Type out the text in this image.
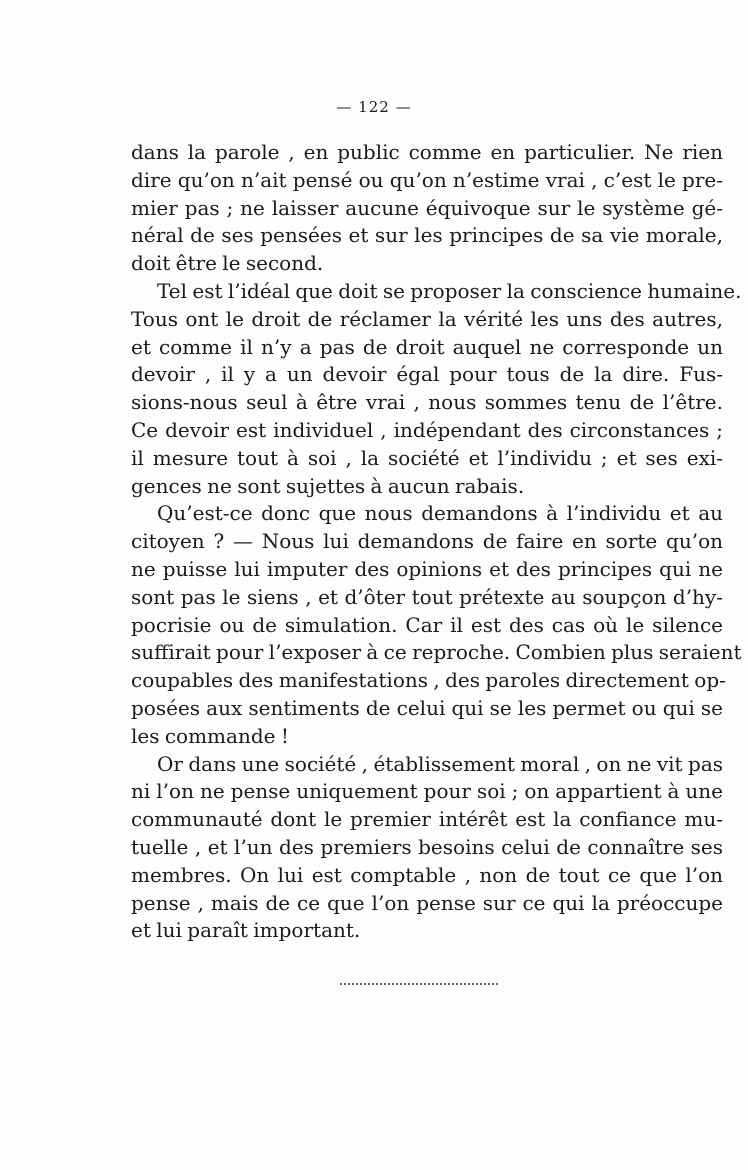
— 122 —
dans la parole , en public comme en particulier. Ne rien
dire qu’on n’ait pensé ou qu’on n’estime vrai , c’est le pre-
mier pas ; ne laisser aucune équivoque sur le système gé-
néral de ses pensées et sur les principes de sa vie morale,
doit être le second.
Tel est l’idéal que doit se proposer la conscience humaine.
Tous ont le droit de réclamer la vérité les uns des autres,
et comme il n’y a pas de droit auquel ne corresponde un
devoir , il y a un devoir égal pour tous de la dire. Fus-
sions-nous seul à être vrai , nous sommes tenu de l’être.
Ce devoir est individuel , indépendant des circonstances ;
il mesure tout à soi , la société et l’individu ; et ses exi-
gences ne sont sujettes à aucun rabais.
Qu’est-ce donc que nous demandons à l’individu et au
citoyen ? — Nous lui demandons de faire en sorte qu’on
ne puisse lui imputer des opinions et des principes qui ne
sont pas le siens , et d’ôter tout prétexte au soupçon d’hy-
pocrisie ou de simulation. Car il est des cas où le silence
suffirait pour l’exposer à ce reproche. Combien plus seraient
coupables des manifestations , des paroles directement op-
posées aux sentiments de celui qui se les permet ou qui se
les commande !
Or dans une société , établissement moral , on ne vit pas
ni l’on ne pense uniquement pour soi ; on appartient à une
communauté dont le premier intérêt est la confiance mu-
tuelle , et l’un des premiers besoins celui de connaître ses
membres. On lui est comptable , non de tout ce que l’on
pense , mais de ce que l’on pense sur ce qui la préoccupe
et lui paraît important.
